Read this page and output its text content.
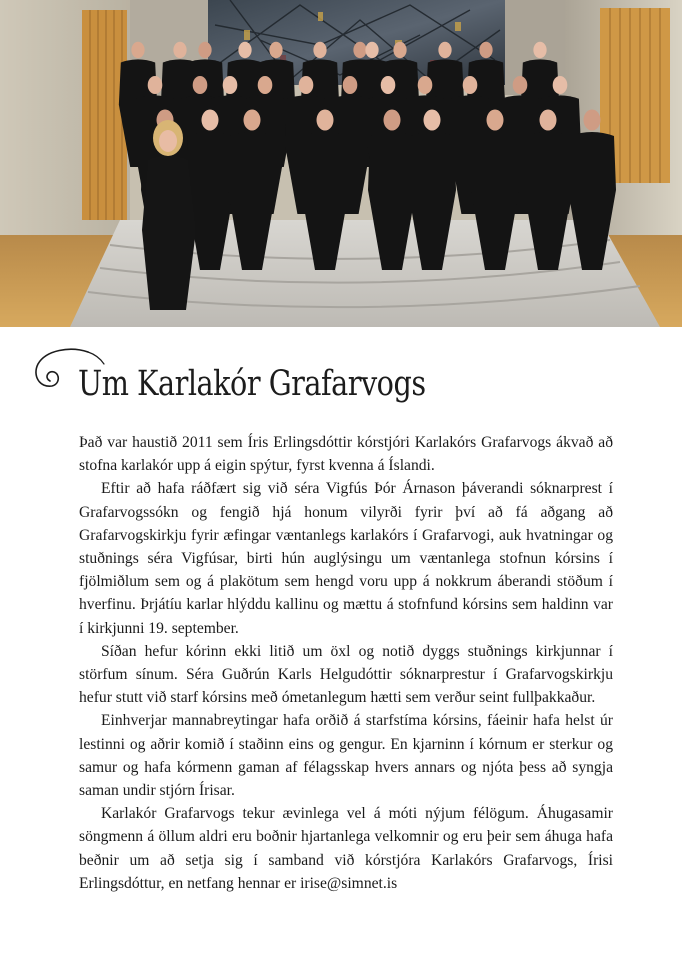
Um Karlakór Grafarvogs

Það var haustið 2011 sem Íris Erlingsdóttir kórstjóri Karlakórs Grafarvogs ákvað að stofna karlakór upp á eigin spýtur, fyrst kvenna á Íslandi.

Eftir að hafa ráðfært sig við séra Vigfús Þór Árnason þáverandi sóknarprest í Grafarvogssókn og fengið hjá honum vilyrði fyrir því að fá aðgang að Grafarvogskirkju fyrir æfingar væntanlegs karlakórs í Grafarvogi, auk hvatningar og stuðnings séra Vigfúsar, birti hún auglýsingu um væntanlega stofnun kórsins í fjölmiðlum sem og á plakötum sem hengd voru upp á nokkrum áberandi stöðum í hverfinu. Þrjátíu karlar hlýddu kallinu og mættu á stofnfund kórsins sem haldinn var í kirkjunni 19. september.

Síðan hefur kórinn ekki litið um öxl og notið dyggs stuðnings kirkjunnar í störfum sínum. Séra Guðrún Karls Helgudóttir sóknarprestur í Grafarvogskirkju hefur stutt við starf kórsins með ómetanlegum hætti sem verður seint fullþakkaður.

Einhverjar mannabreytingar hafa orðið á starfstíma kórsins, fáeinir hafa helst úr lestinni og aðrir komið í staðinn eins og gengur. En kjarninn í kórnum er sterkur og samur og hafa kórmenn gaman af félagsskap hvers annars og njóta þess að syngja saman undir stjórn Írisar.

Karlakór Grafarvogs tekur ævinlega vel á móti nýjum félögum. Áhugasamir söngmenn á öllum aldri eru boðnir hjartanlega velkomnir og eru þeir sem áhuga hafa beðnir um að setja sig í samband við kórstjóra Karlakórs Grafarvogs, Írisi Erlingsdóttur, en netfang hennar er irise@simnet.is
